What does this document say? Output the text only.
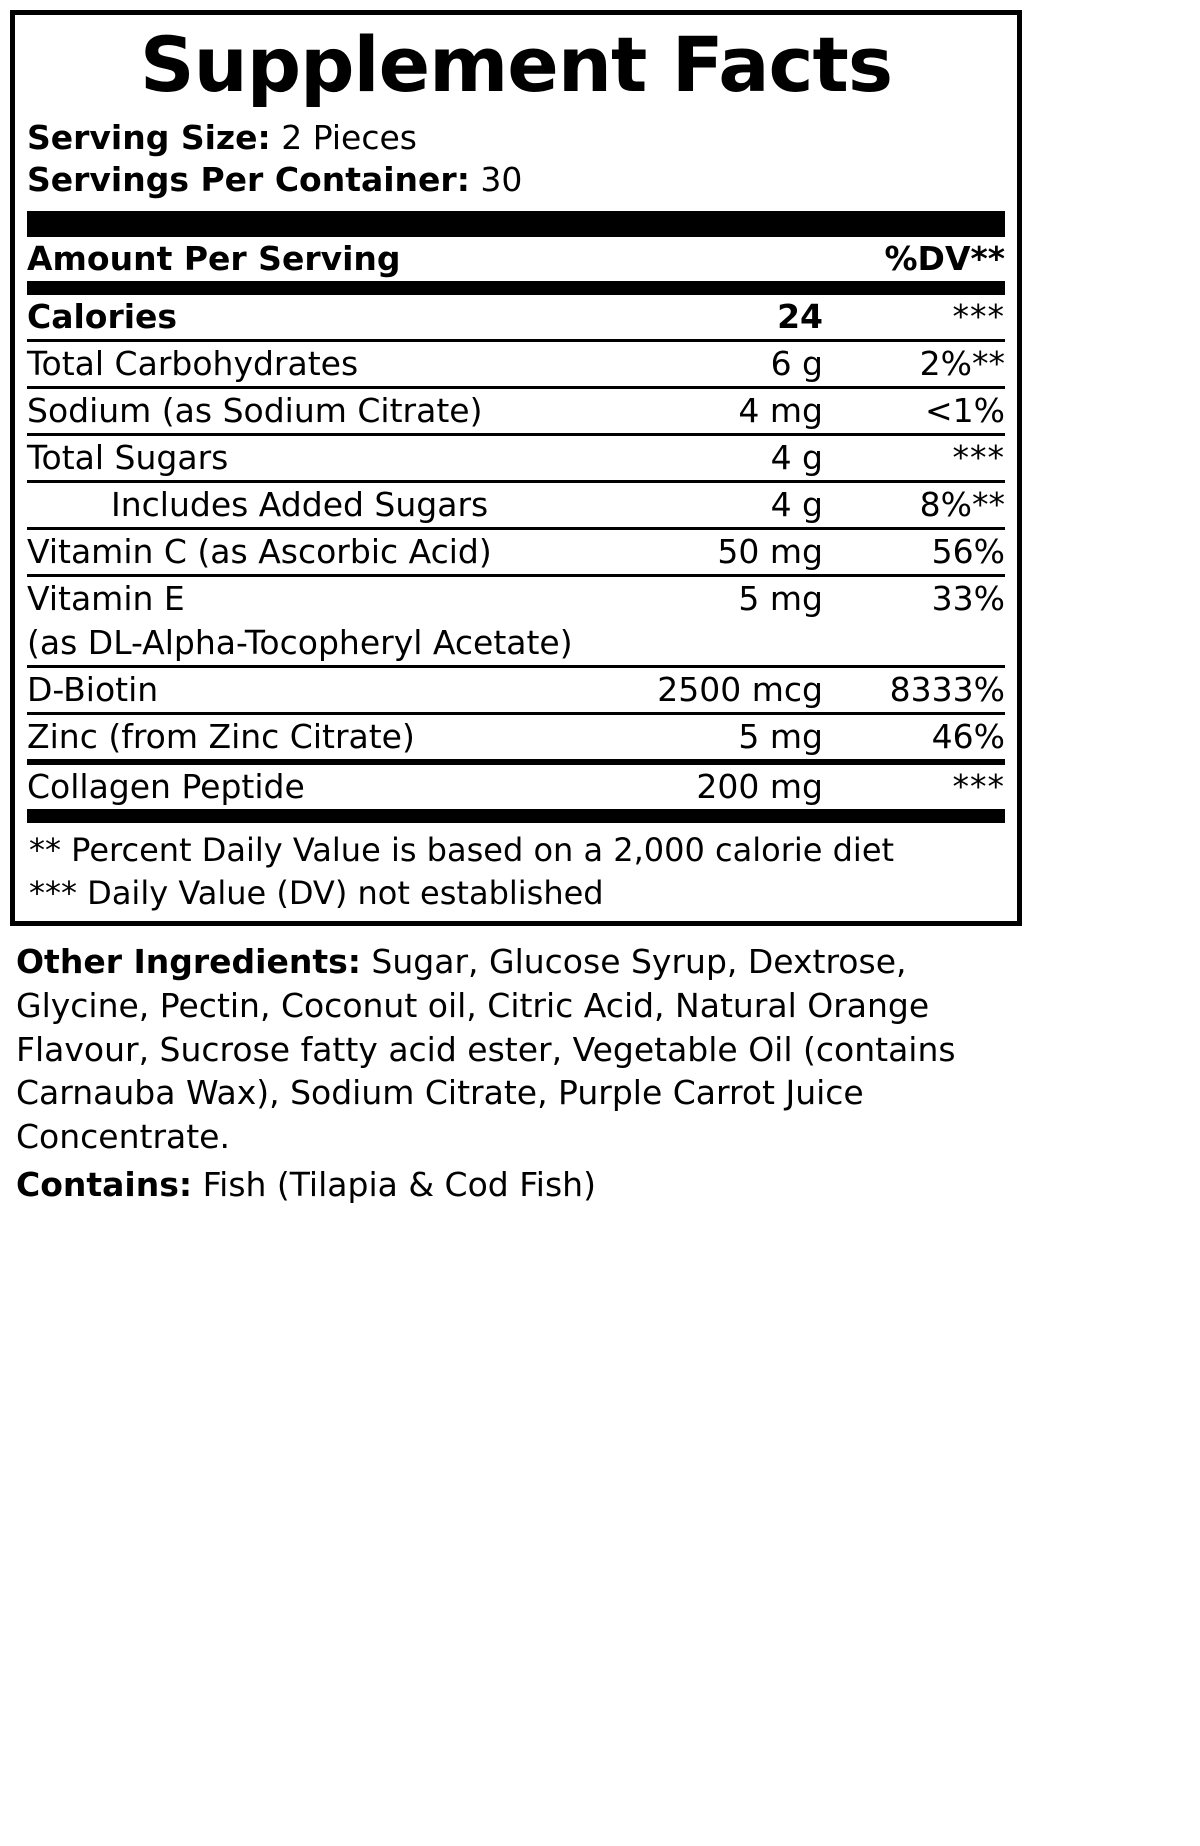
Supplement Facts
Serving Size: 2 Pieces
Servings Per Container: 30
Amount Per Serving	%DV**
Calories	24	***
Total Carbohydrates	6 g	2%**
Sodium (as Sodium Citrate)	4 mg	<1%
Total Sugars	4 g	***
Includes Added Sugars	4 g	8%**
Vitamin C (as Ascorbic Acid)	50 mg	56%
Vitamin E	5 mg	33%
(as DL-Alpha-Tocopheryl Acetate)		
D-Biotin	2500 mcg	8333%
Zinc (from Zinc Citrate)	5 mg	46%
Collagen Peptide	200 mg	***
** Percent Daily Value is based on a 2,000 calorie diet
*** Daily Value (DV) not established
Other Ingredients: Sugar, Glucose Syrup, Dextrose, Glycine, Pectin, Coconut oil, Citric Acid, Natural Orange Flavour, Sucrose fatty acid ester, Vegetable Oil (contains Carnauba Wax), Sodium Citrate, Purple Carrot Juice Concentrate.
Contains: Fish (Tilapia & Cod Fish)
